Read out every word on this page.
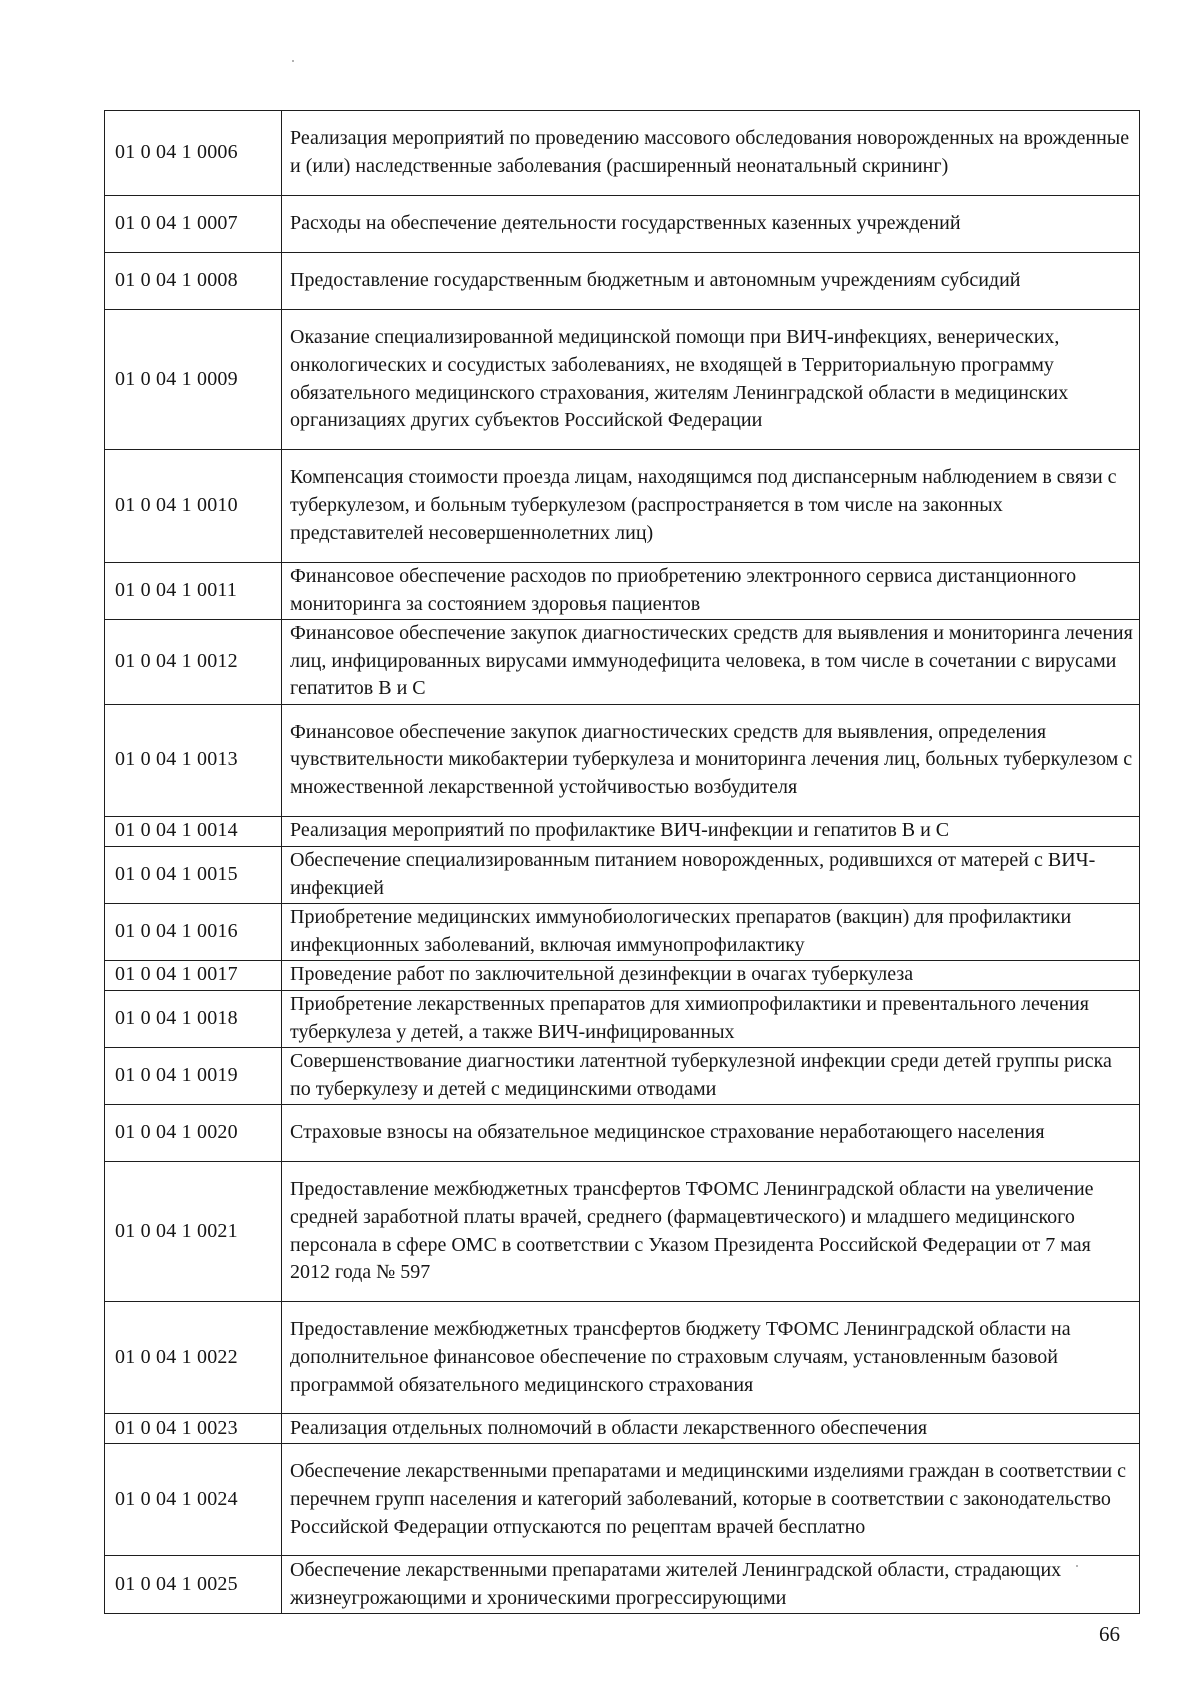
01 0 04 1 0006	Реализация мероприятий по проведению массового обследования новорожденных на врожденные и (или) наследственные заболевания (расширенный неонатальный скрининг)
01 0 04 1 0007	Расходы на обеспечение деятельности государственных казенных учреждений
01 0 04 1 0008	Предоставление государственным бюджетным и автономным учреждениям субсидий
01 0 04 1 0009	Оказание специализированной медицинской помощи при ВИЧ-инфекциях, венерических, онкологических и сосудистых заболеваниях, не входящей в Территориальную программу обязательного медицинского страхования, жителям Ленинградской области в медицинских организациях других субъектов Российской Федерации
01 0 04 1 0010	Компенсация стоимости проезда лицам, находящимся под диспансерным наблюдением в связи с туберкулезом, и больным туберкулезом (распространяется в том числе на законных представителей несовершеннолетних лиц)
01 0 04 1 0011	Финансовое обеспечение расходов по приобретению электронного сервиса дистанционного мониторинга за состоянием здоровья пациентов
01 0 04 1 0012	Финансовое обеспечение закупок диагностических средств для выявления и мониторинга лечения лиц, инфицированных вирусами иммунодефицита человека, в том числе в сочетании с вирусами гепатитов В и С
01 0 04 1 0013	Финансовое обеспечение закупок диагностических средств для выявления, определения чувствительности микобактерии туберкулеза и мониторинга лечения лиц, больных туберкулезом с множественной лекарственной устойчивостью возбудителя
01 0 04 1 0014	Реализация мероприятий по профилактике ВИЧ-инфекции и гепатитов В и С
01 0 04 1 0015	Обеспечение специализированным питанием новорожденных, родившихся от матерей с ВИЧ- инфекцией
01 0 04 1 0016	Приобретение медицинских иммунобиологических препаратов (вакцин) для профилактики инфекционных заболеваний, включая иммунопрофилактику
01 0 04 1 0017	Проведение работ по заключительной дезинфекции в очагах туберкулеза
01 0 04 1 0018	Приобретение лекарственных препаратов для химиопрофилактики и превентального лечения туберкулеза у детей, а также ВИЧ-инфицированных
01 0 04 1 0019	Совершенствование диагностики латентной туберкулезной инфекции среди детей группы риска по туберкулезу и детей с медицинскими отводами
01 0 04 1 0020	Страховые взносы на обязательное медицинское страхование неработающего населения
01 0 04 1 0021	Предоставление межбюджетных трансфертов ТФОМС Ленинградской области на увеличение средней заработной платы врачей, среднего (фармацевтического) и младшего медицинского персонала в сфере ОМС в соответствии с Указом Президента Российской Федерации от 7 мая 2012 года № 597
01 0 04 1 0022	Предоставление межбюджетных трансфертов бюджету ТФОМС Ленинградской области на дополнительное финансовое обеспечение по страховым случаям, установленным базовой программой обязательного медицинского страхования
01 0 04 1 0023	Реализация отдельных полномочий в области лекарственного обеспечения
01 0 04 1 0024	Обеспечение лекарственными препаратами и медицинскими изделиями граждан в соответствии с перечнем групп населения и категорий заболеваний, которые в соответствии с законодательство Российской Федерации отпускаются по рецептам врачей бесплатно
01 0 04 1 0025	Обеспечение лекарственными препаратами жителей Ленинградской области, страдающих жизнеугрожающими и хроническими прогрессирующими
66
